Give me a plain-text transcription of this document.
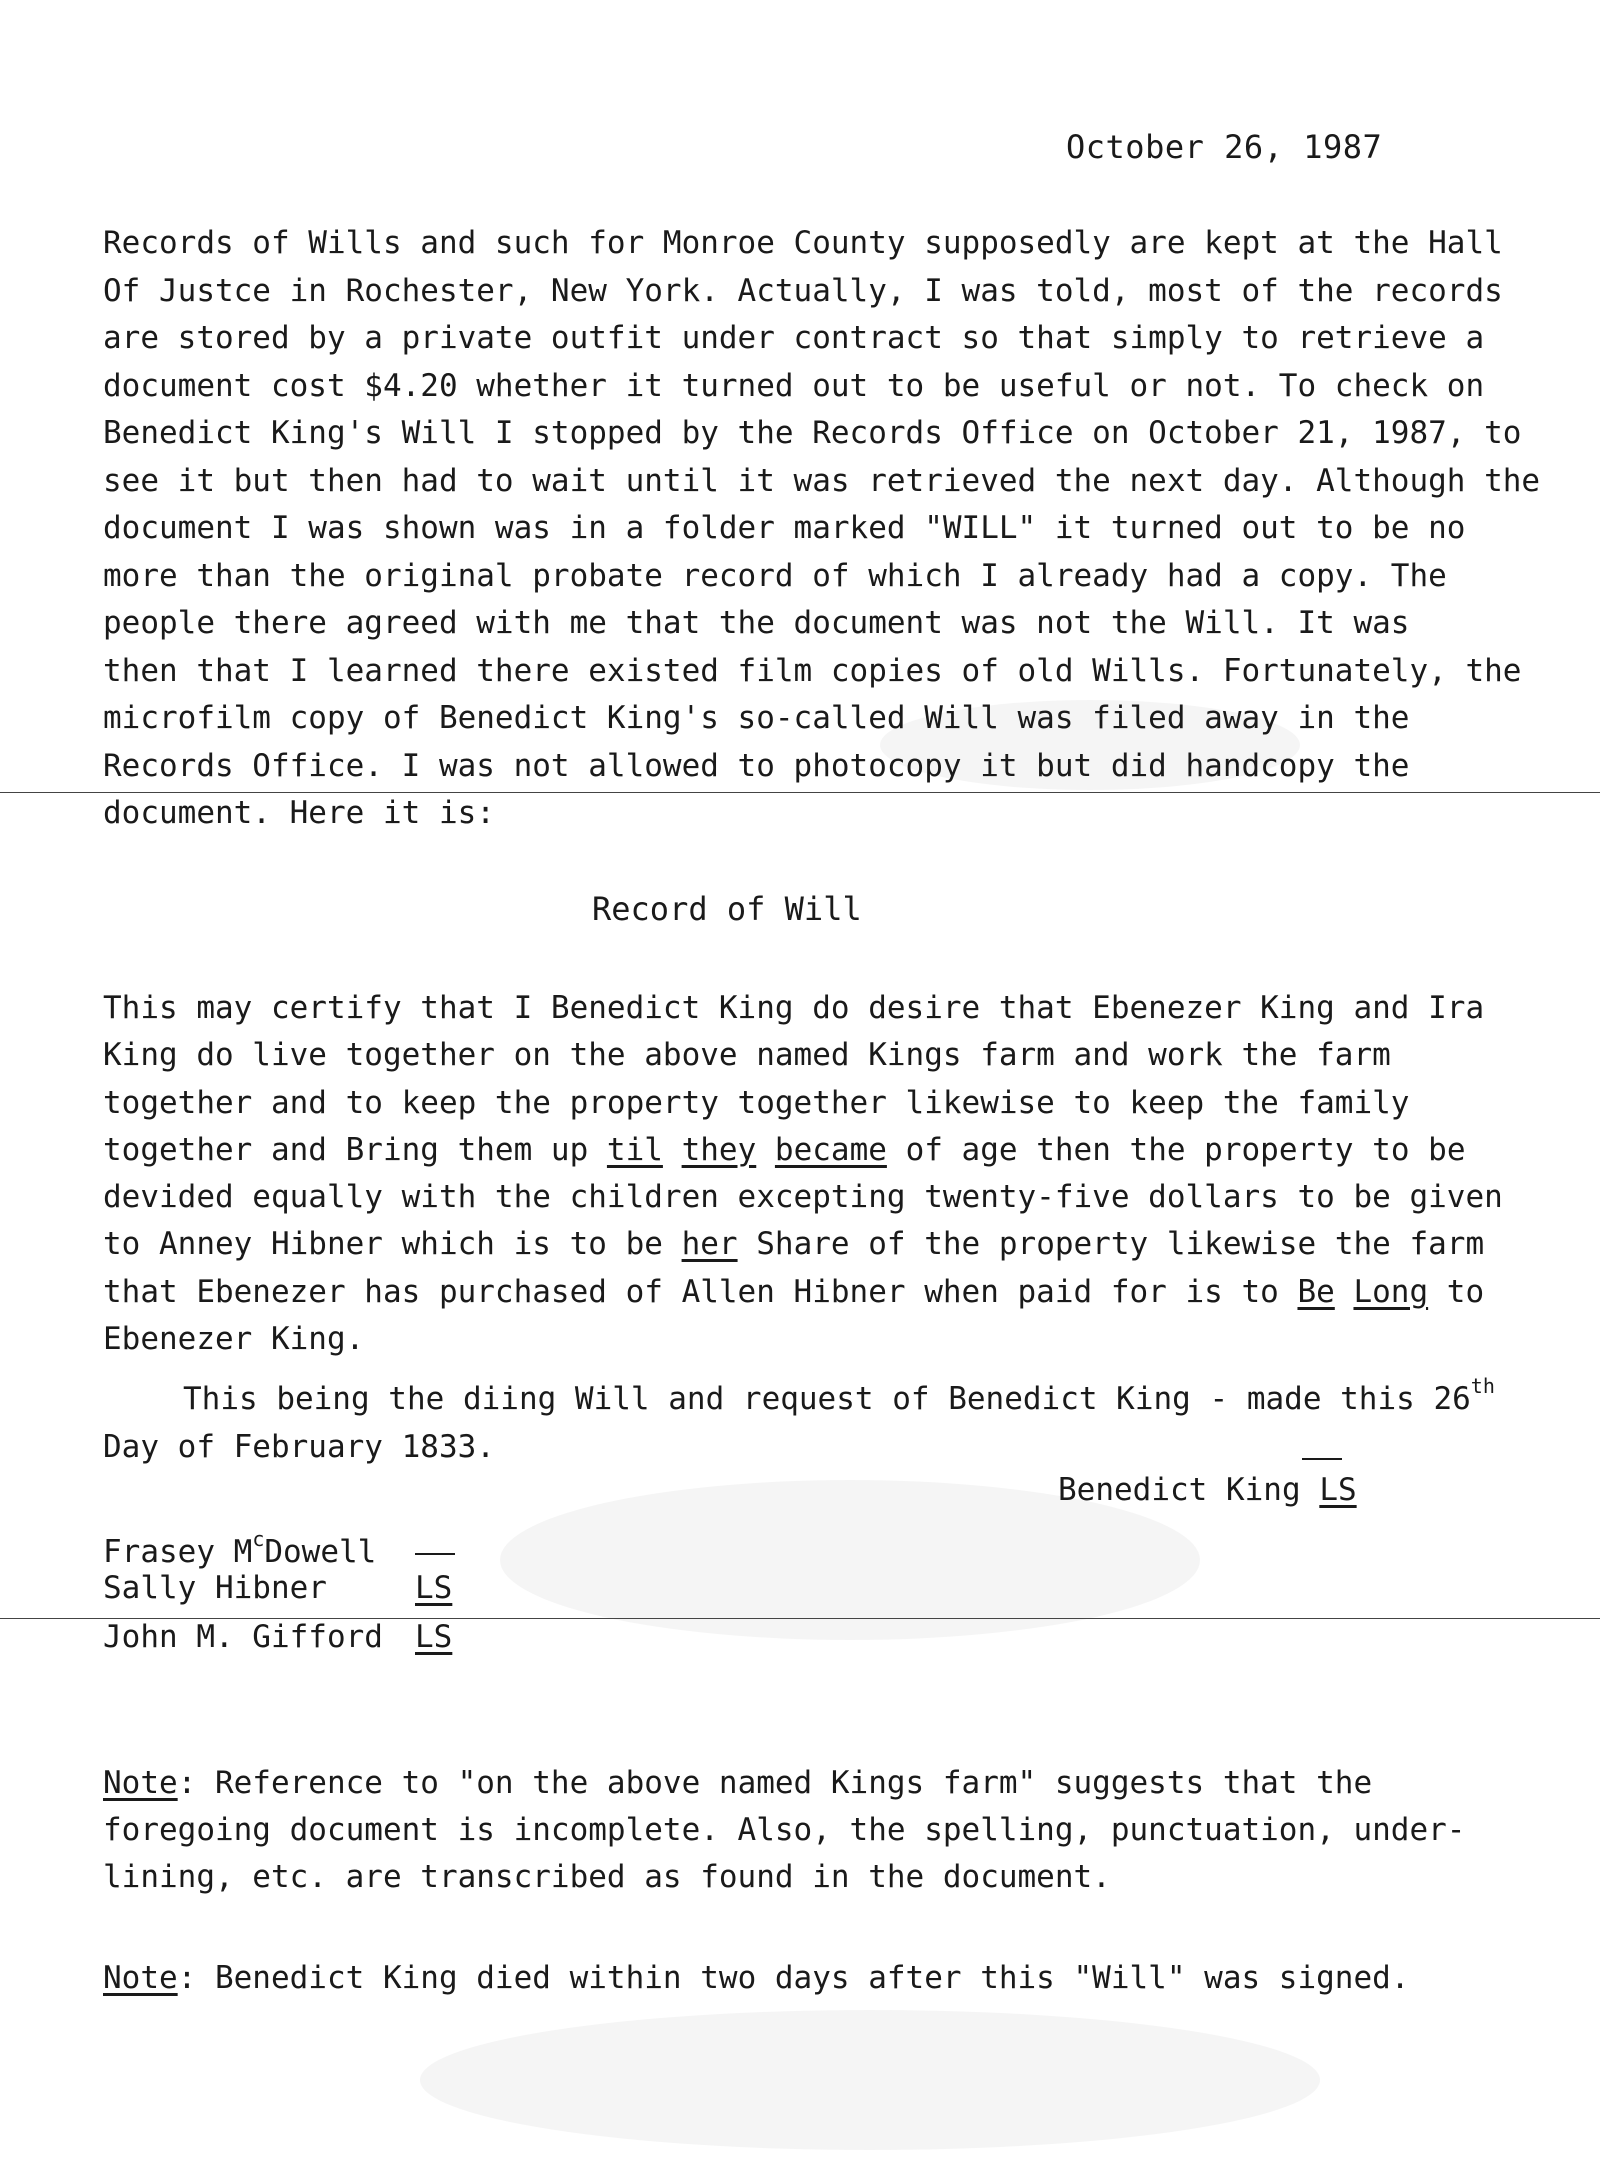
October 26, 1987
Records of Wills and such for Monroe County supposedly are kept at the Hall
Of Justce in Rochester, New York. Actually, I was told, most of the records
are stored by a private outfit under contract so that simply to retrieve a
document cost $4.20 whether it turned out to be useful or not. To check on
Benedict King's Will I stopped by the Records Office on October 21, 1987, to
see it but then had to wait until it was retrieved the next day. Although the
document I was shown was in a folder marked "WILL" it turned out to be no
more than the original probate record of which I already had a copy. The
people there agreed with me that the document was not the Will. It was
then that I learned there existed film copies of old Wills. Fortunately, the
microfilm copy of Benedict King's so-called Will was filed away in the
Records Office. I was not allowed to photocopy it but did handcopy the
document. Here it is:
Record of Will
This may certify that I Benedict King do desire that Ebenezer King and Ira
King do live together on the above named Kings farm and work the farm
together and to keep the property together likewise to keep the family
together and Bring them up til they became of age then the property to be
devided equally with the children excepting twenty-five dollars to be given
to Anney Hibner which is to be her Share of the property likewise the farm
that Ebenezer has purchased of Allen Hibner when paid for is to Be Long to
Ebenezer King.
This being the diing Will and request of Benedict King - made this 26th
Day of February 1833.
Benedict King LS
Frasey $M^cDowell$
Sally Hibner	LS
John M. Gifford LS
Note: Reference to "on the above named Kings farm" suggests that the
foregoing document is incomplete. Also, the spelling, punctuation, under-
lining, etc. are transcribed as found in the document.
Note: Benedict King died within two days after this "Will" was signed.
